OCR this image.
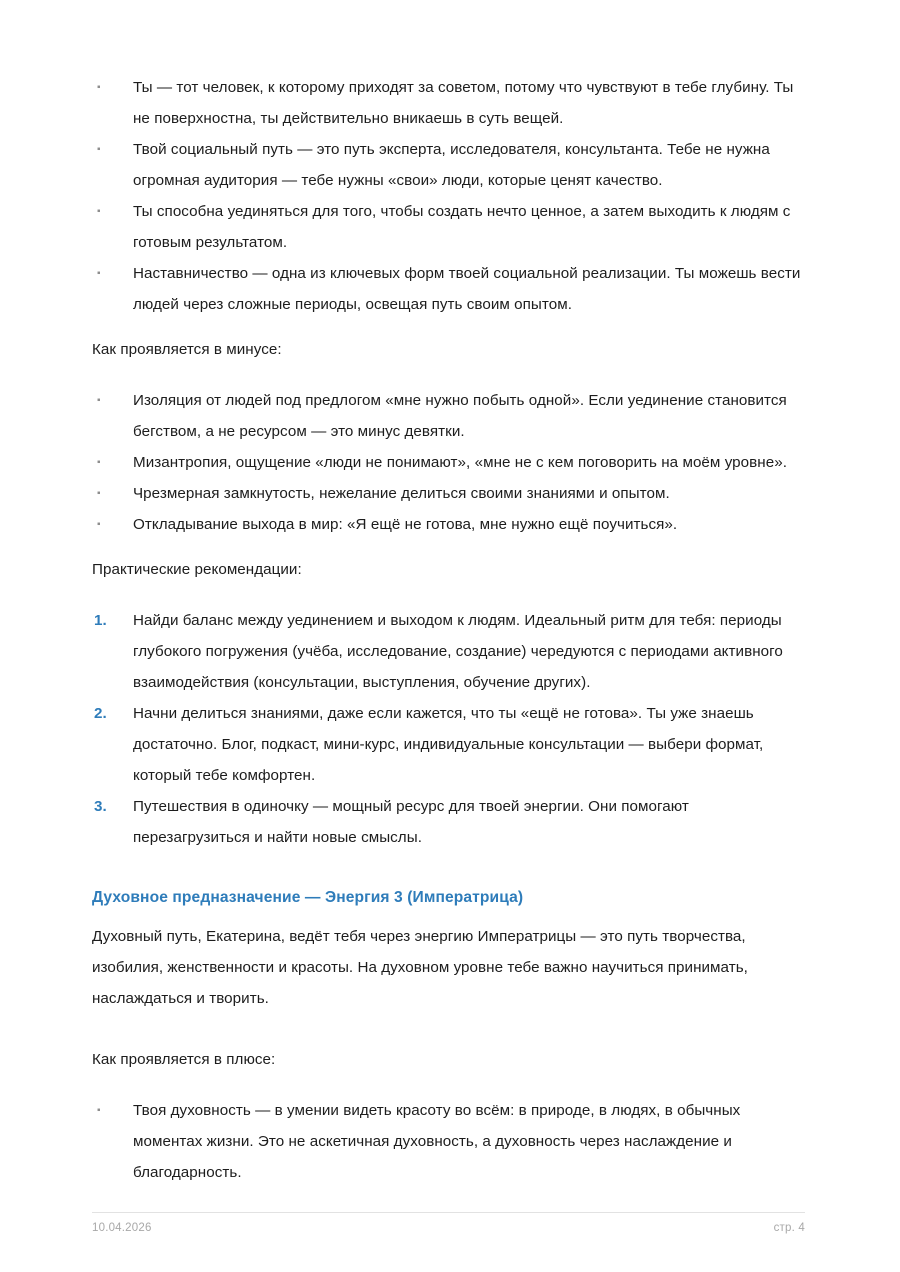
▪	Ты — тот человек, к которому приходят за советом, потому что чувствуют в тебе глубину. Ты не поверхностна, ты действительно вникаешь в суть вещей.
▪	Твой социальный путь — это путь эксперта, исследователя, консультанта. Тебе не нужна огромная аудитория — тебе нужны «свои» люди, которые ценят качество.
▪	Ты способна уединяться для того, чтобы создать нечто ценное, а затем выходить к людям с готовым результатом.
▪	Наставничество — одна из ключевых форм твоей социальной реализации. Ты можешь вести людей через сложные периоды, освещая путь своим опытом.

Как проявляется в минусе:

▪	Изоляция от людей под предлогом «мне нужно побыть одной». Если уединение становится бегством, а не ресурсом — это минус девятки.
▪	Мизантропия, ощущение «люди не понимают», «мне не с кем поговорить на моём уровне».
▪	Чрезмерная замкнутость, нежелание делиться своими знаниями и опытом.
▪	Откладывание выхода в мир: «Я ещё не готова, мне нужно ещё поучиться».

Практические рекомендации:

1.	Найди баланс между уединением и выходом к людям. Идеальный ритм для тебя: периоды глубокого погружения (учёба, исследование, создание) чередуются с периодами активного взаимодействия (консультации, выступления, обучение других).
2.	Начни делиться знаниями, даже если кажется, что ты «ещё не готова». Ты уже знаешь достаточно. Блог, подкаст, мини-курс, индивидуальные консультации — выбери формат, который тебе комфортен.
3.	Путешествия в одиночку — мощный ресурс для твоей энергии. Они помогают перезагрузиться и найти новые смыслы.
Духовное предназначение — Энергия 3 (Императрица)

Духовный путь, Екатерина, ведёт тебя через энергию Императрицы — это путь творчества, изобилия, женственности и красоты. На духовном уровне тебе важно научиться принимать, наслаждаться и творить.

Как проявляется в плюсе:

▪	Твоя духовность — в умении видеть красоту во всём: в природе, в людях, в обычных моментах жизни. Это не аскетичная духовность, а духовность через наслаждение и благодарность.
10.04.2026	стр. 4
